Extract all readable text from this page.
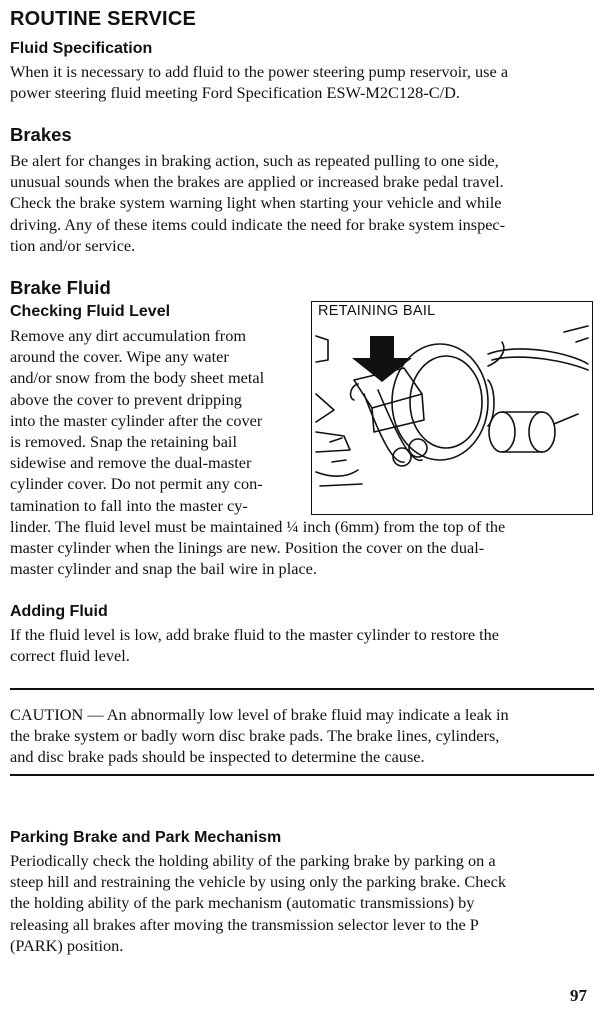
ROUTINE SERVICE
Fluid Specification
When it is necessary to add fluid to the power steering pump reservoir, use a
power steering fluid meeting Ford Specification ESW-M2C128-C/D.
Brakes
Be alert for changes in braking action, such as repeated pulling to one side,
unusual sounds when the brakes are applied or increased brake pedal travel.
Check the brake system warning light when starting your vehicle and while
driving. Any of these items could indicate the need for brake system inspec-
tion and/or service.
Brake Fluid
Checking Fluid Level
Remove any dirt accumulation from
around the cover. Wipe any water
and/or snow from the body sheet metal
above the cover to prevent dripping
into the master cylinder after the cover
is removed. Snap the retaining bail
sidewise and remove the dual-master
cylinder cover. Do not permit any con-
tamination to fall into the master cy-
linder. The fluid level must be maintained ¼ inch (6mm) from the top of the
master cylinder when the linings are new. Position the cover on the dual-
master cylinder and snap the bail wire in place.
RETAINING BAIL
Adding Fluid
If the fluid level is low, add brake fluid to the master cylinder to restore the
correct fluid level.
CAUTION — An abnormally low level of brake fluid may indicate a leak in
the brake system or badly worn disc brake pads. The brake lines, cylinders,
and disc brake pads should be inspected to determine the cause.
Parking Brake and Park Mechanism
Periodically check the holding ability of the parking brake by parking on a
steep hill and restraining the vehicle by using only the parking brake. Check
the holding ability of the park mechanism (automatic transmissions) by
releasing all brakes after moving the transmission selector lever to the P
(PARK) position.
97
